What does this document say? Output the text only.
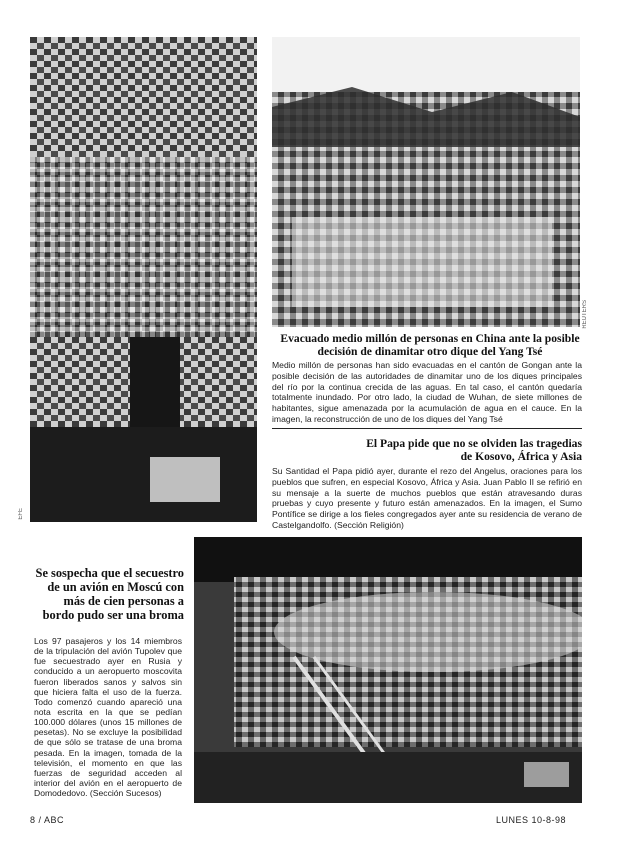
REUTERS
Evacuado medio millón de personas en China ante la posible decisión de dinamitar otro dique del Yang Tsé
Medio millón de personas han sido evacuadas en el cantón de Gongan ante la posible decisión de las autoridades de dinamitar uno de los diques principales del río por la continua crecida de las aguas. En tal caso, el cantón quedaría totalmente inundado. Por otro lado, la ciudad de Wuhan, de siete millones de habitantes, sigue amenazada por la acumulación de agua en el cauce. En la imagen, la reconstrucción de uno de los diques del Yang Tsé
El Papa pide que no se olviden las tragedias
de Kosovo, África y Asia
Su Santidad el Papa pidió ayer, durante el rezo del Angelus, oraciones para los pueblos que sufren, en especial Kosovo, África y Asia. Juan Pablo II se refirió en su mensaje a la suerte de muchos pueblos que están atravesando duras pruebas y cuyo presente y futuro están amenazados. En la imagen, el Sumo Pontífice se dirige a los fieles congregados ayer ante su residencia de verano de Castelgandolfo. (Sección Religión)
EFE
Se sospecha que el secuestro de un avión en Moscú con más de cien personas a bordo pudo ser una broma
Los 97 pasajeros y los 14 miembros de la tripulación del avión Tupolev que fue secuestrado ayer en Rusia y conducido a un aeropuerto moscovita fueron liberados sanos y salvos sin que hiciera falta el uso de la fuerza. Todo comenzó cuando apareció una nota escrita en la que se pedían 100.000 dólares (unos 15 millones de pesetas). No se excluye la posibilidad de que sólo se tratase de una broma pesada. En la imagen, tomada de la televisión, el momento en que las fuerzas de seguridad acceden al interior del avión en el aeropuerto de Domodedovo. (Sección Sucesos)
8 / ABC	LUNES 10-8-98
